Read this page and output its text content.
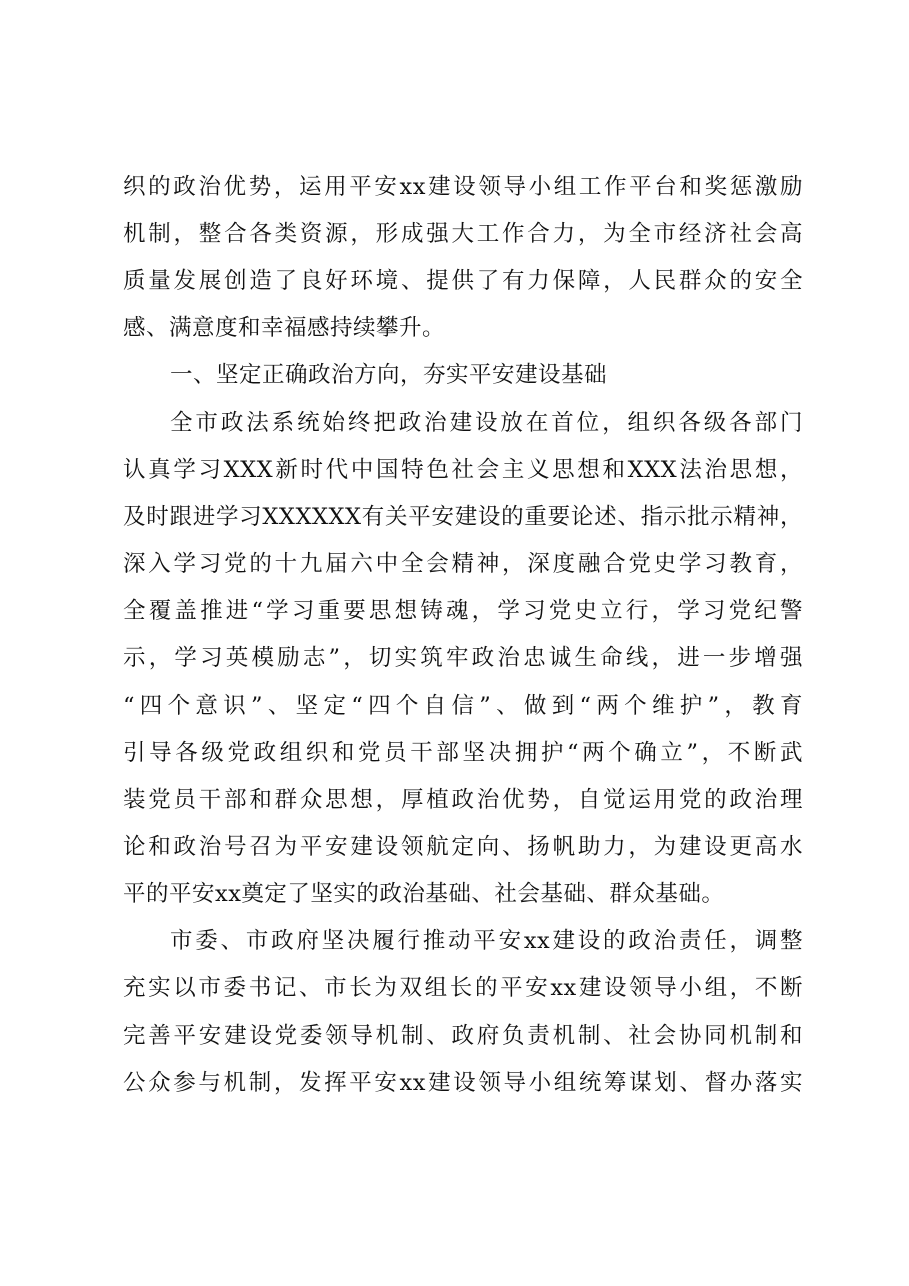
织的政治优势，运用平安xx建设领导小组工作平台和奖惩激励
机制，整合各类资源，形成强大工作合力，为全市经济社会高
质量发展创造了良好环境、提供了有力保障，人民群众的安全
感、满意度和幸福感持续攀升。
一、坚定正确政治方向，夯实平安建设基础
全市政法系统始终把政治建设放在首位，组织各级各部门
认真学习XXX新时代中国特色社会主义思想和XXX法治思想，
及时跟进学习XXXXXX有关平安建设的重要论述、指示批示精神，
深入学习党的十九届六中全会精神，深度融合党史学习教育，
全覆盖推进“学习重要思想铸魂，学习党史立行，学习党纪警
示，学习英模励志”，切实筑牢政治忠诚生命线，进一步增强
“四个意识”、坚定“四个自信”、做到“两个维护”，教育
引导各级党政组织和党员干部坚决拥护“两个确立”，不断武
装党员干部和群众思想，厚植政治优势，自觉运用党的政治理
论和政治号召为平安建设领航定向、扬帆助力，为建设更高水
平的平安xx奠定了坚实的政治基础、社会基础、群众基础。
市委、市政府坚决履行推动平安xx建设的政治责任，调整
充实以市委书记、市长为双组长的平安xx建设领导小组，不断
完善平安建设党委领导机制、政府负责机制、社会协同机制和
公众参与机制，发挥平安xx建设领导小组统筹谋划、督办落实
